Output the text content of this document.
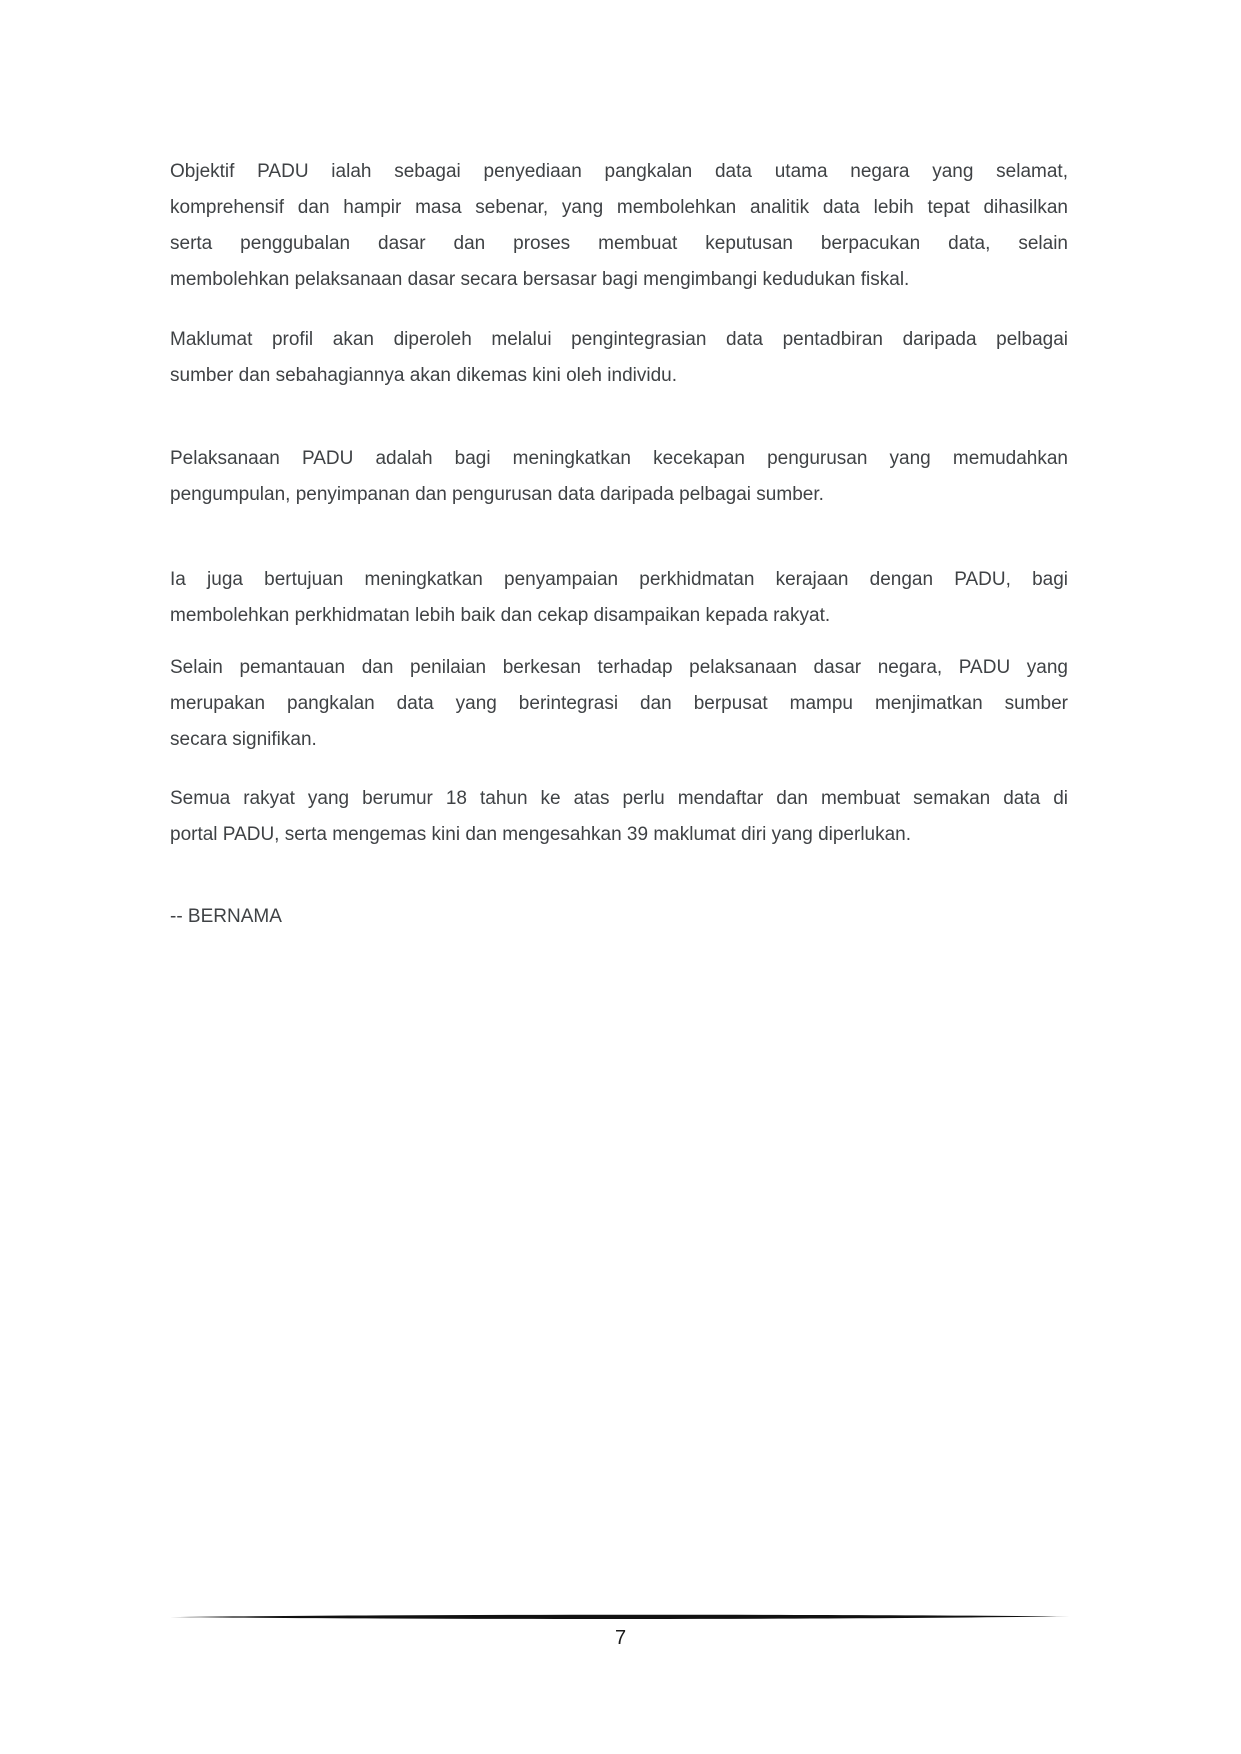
Objektif PADU ialah sebagai penyediaan pangkalan data utama negara yang selamat,
komprehensif dan hampir masa sebenar, yang membolehkan analitik data lebih tepat dihasilkan
serta penggubalan dasar dan proses membuat keputusan berpacukan data, selain
membolehkan pelaksanaan dasar secara bersasar bagi mengimbangi kedudukan fiskal.

Maklumat profil akan diperoleh melalui pengintegrasian data pentadbiran daripada pelbagai
sumber dan sebahagiannya akan dikemas kini oleh individu.

Pelaksanaan PADU adalah bagi meningkatkan kecekapan pengurusan yang memudahkan
pengumpulan, penyimpanan dan pengurusan data daripada pelbagai sumber.

Ia juga bertujuan meningkatkan penyampaian perkhidmatan kerajaan dengan PADU, bagi
membolehkan perkhidmatan lebih baik dan cekap disampaikan kepada rakyat.

Selain pemantauan dan penilaian berkesan terhadap pelaksanaan dasar negara, PADU yang
merupakan pangkalan data yang berintegrasi dan berpusat mampu menjimatkan sumber
secara signifikan.

Semua rakyat yang berumur 18 tahun ke atas perlu mendaftar dan membuat semakan data di
portal PADU, serta mengemas kini dan mengesahkan 39 maklumat diri yang diperlukan.

-- BERNAMA

7
